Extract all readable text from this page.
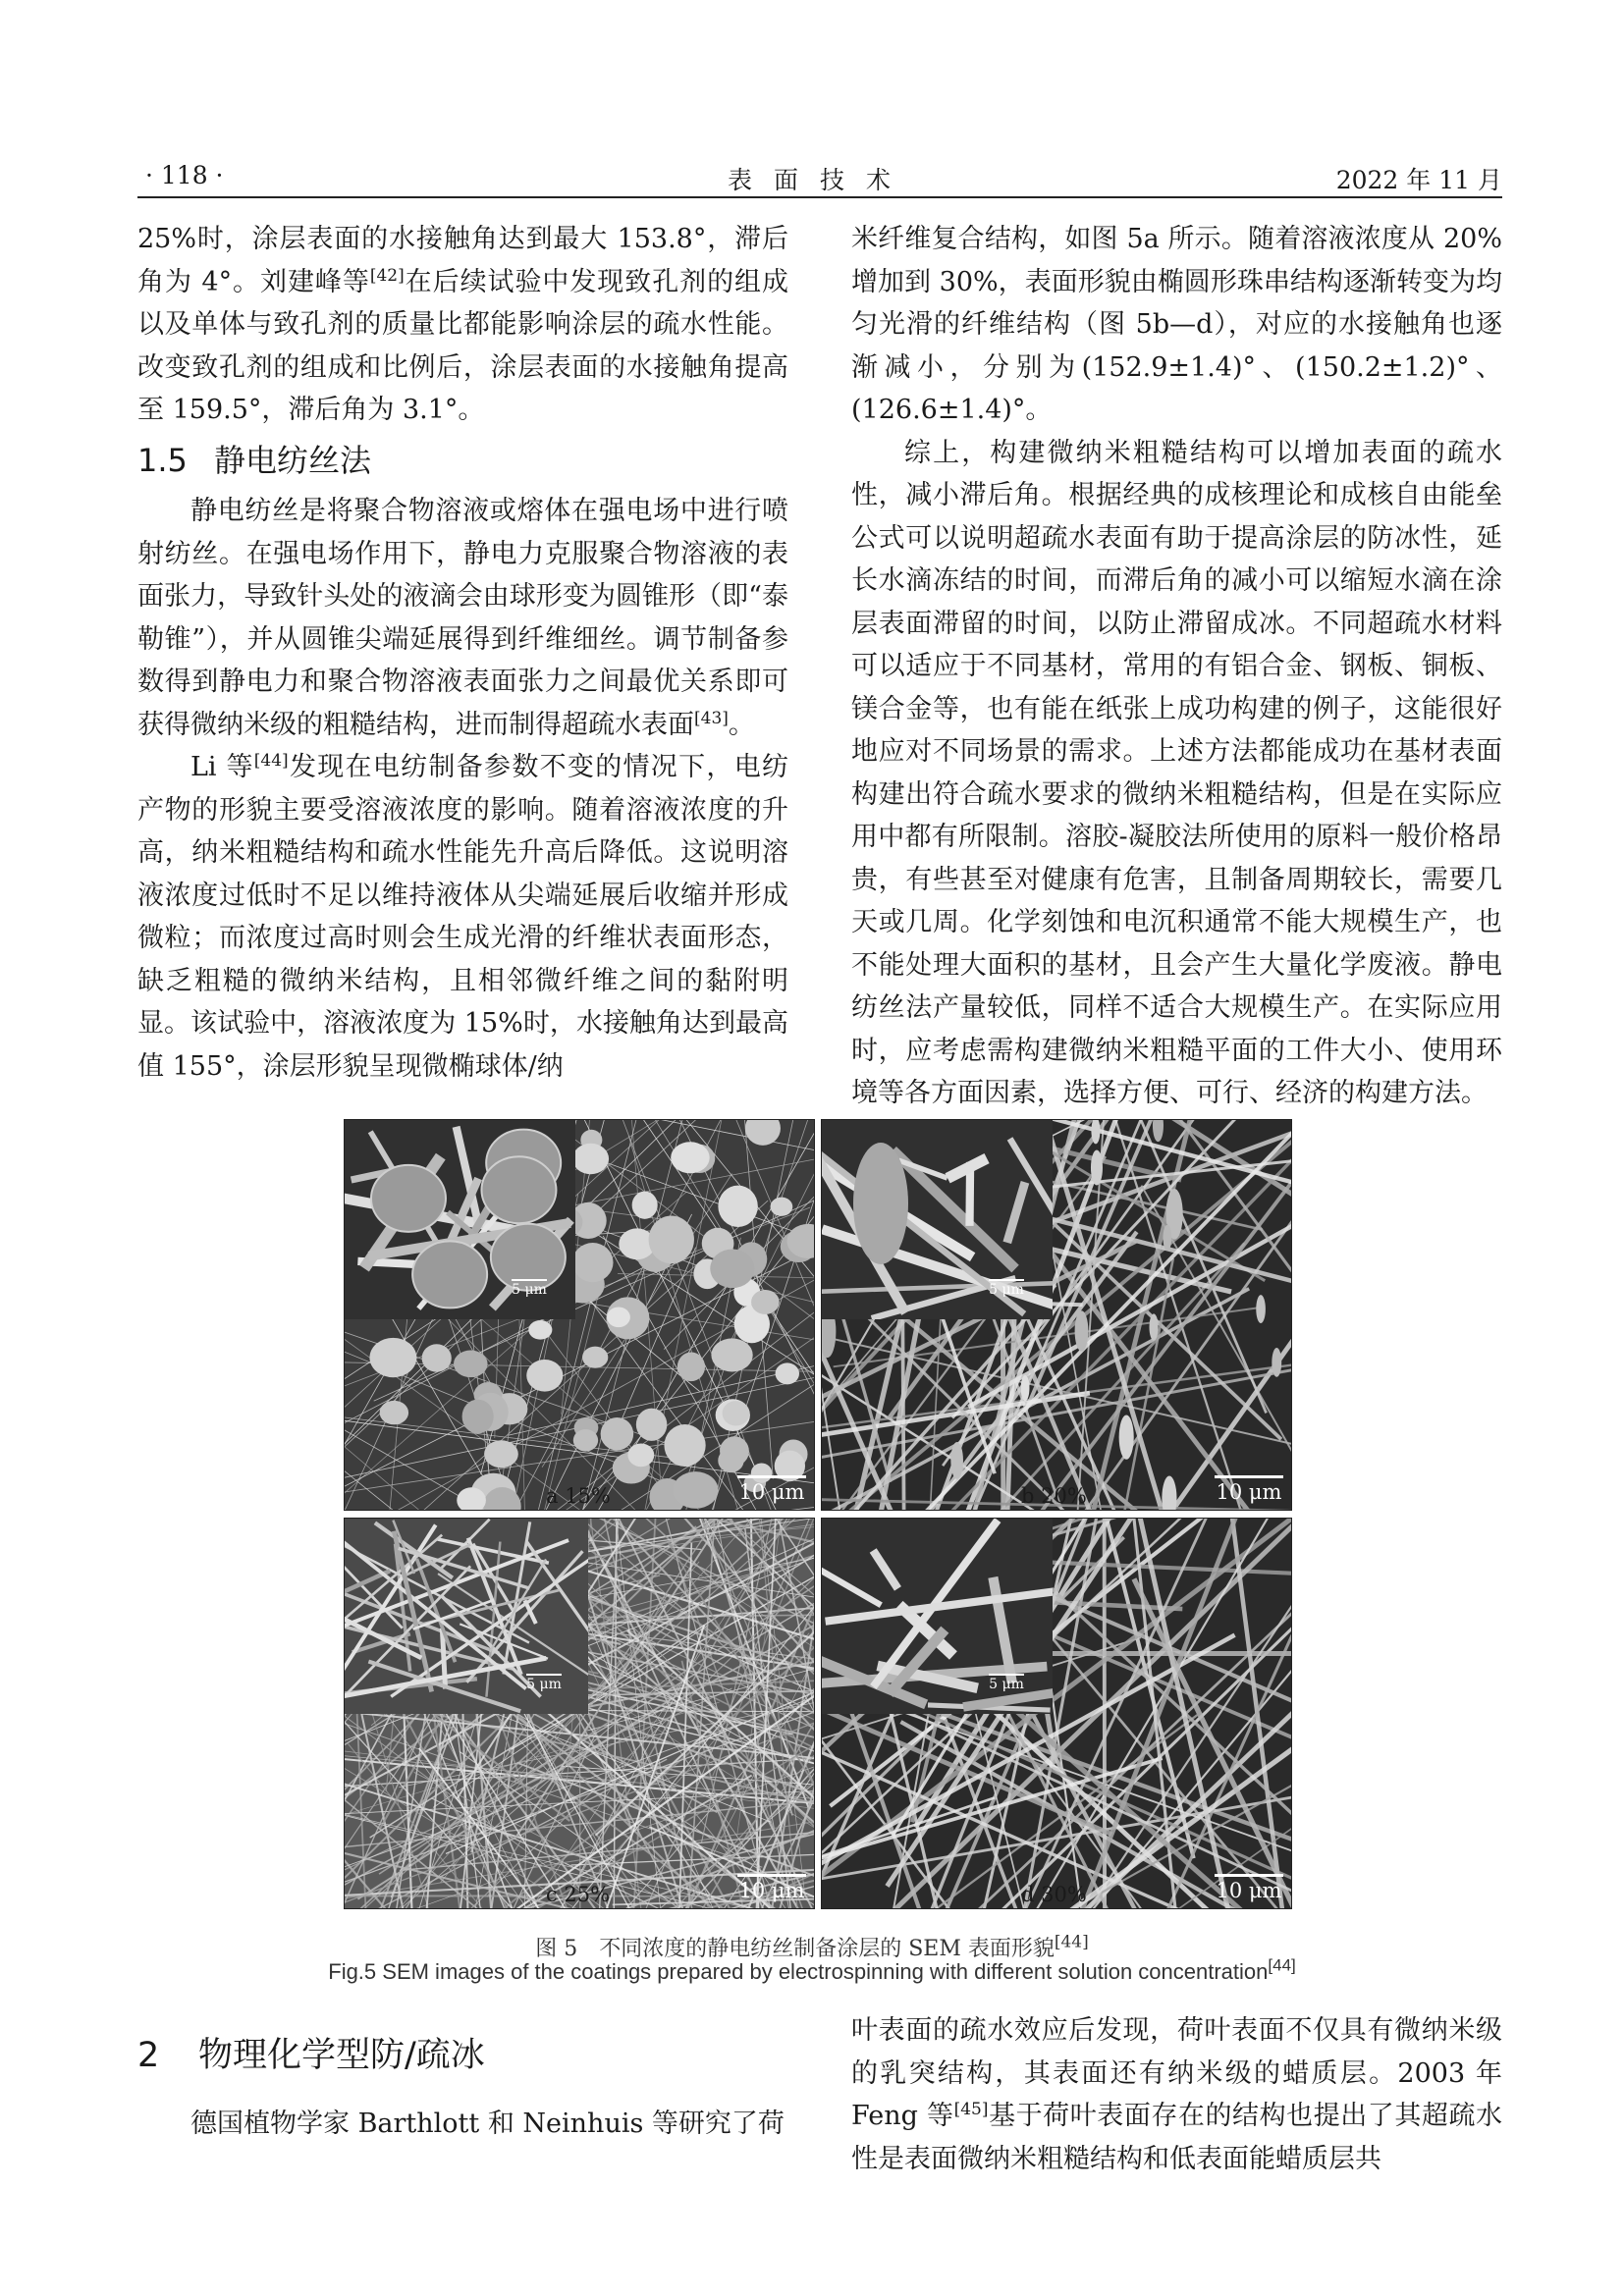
· 118 ·	表面技术	2022 年 11 月

25%时，涂层表面的水接触角达到最大 153.8°，滞后角为 4°。刘建峰等[42]在后续试验中发现致孔剂的组成以及单体与致孔剂的质量比都能影响涂层的疏水性能。改变致孔剂的组成和比例后，涂层表面的水接触角提高至 159.5°，滞后角为 3.1°。

1.5 静电纺丝法

静电纺丝是将聚合物溶液或熔体在强电场中进行喷射纺丝。在强电场作用下，静电力克服聚合物溶液的表面张力，导致针头处的液滴会由球形变为圆锥形（即“泰勒锥”），并从圆锥尖端延展得到纤维细丝。调节制备参数得到静电力和聚合物溶液表面张力之间最优关系即可获得微纳米级的粗糙结构，进而制得超疏水表面[43]。

Li 等[44]发现在电纺制备参数不变的情况下，电纺产物的形貌主要受溶液浓度的影响。随着溶液浓度的升高，纳米粗糙结构和疏水性能先升高后降低。这说明溶液浓度过低时不足以维持液体从尖端延展后收缩并形成微粒；而浓度过高时则会生成光滑的纤维状表面形态，缺乏粗糙的微纳米结构，且相邻微纤维之间的黏附明显。该试验中，溶液浓度为 15%时，水接触角达到最高值 155°，涂层形貌呈现微椭球体/纳

米纤维复合结构，如图 5a 所示。随着溶液浓度从 20%增加到 30%，表面形貌由椭圆形珠串结构逐渐转变为均匀光滑的纤维结构（图 5b—d），对应的水接触角也逐渐减小，分别为(152.9±1.4)°、(150.2±1.2)°、(126.6±1.4)°。

综上，构建微纳米粗糙结构可以增加表面的疏水性，减小滞后角。根据经典的成核理论和成核自由能垒公式可以说明超疏水表面有助于提高涂层的防冰性，延长水滴冻结的时间，而滞后角的减小可以缩短水滴在涂层表面滞留的时间，以防止滞留成冰。不同超疏水材料可以适应于不同基材，常用的有铝合金、钢板、铜板、镁合金等，也有能在纸张上成功构建的例子，这能很好地应对不同场景的需求。上述方法都能成功在基材表面构建出符合疏水要求的微纳米粗糙结构，但是在实际应用中都有所限制。溶胶-凝胶法所使用的原料一般价格昂贵，有些甚至对健康有危害，且制备周期较长，需要几天或几周。化学刻蚀和电沉积通常不能大规模生产，也不能处理大面积的基材，且会产生大量化学废液。静电纺丝法产量较低，同样不适合大规模生产。在实际应用时，应考虑需构建微纳米粗糙平面的工件大小、使用环境等各方面因素，选择方便、可行、经济的构建方法。

5 μm
10 μm
5 μm
10 μm
5 μm
10 μm
5 μm
10 μm
a 15%	b 20%
c 25%	d 30%
图 5　不同浓度的静电纺丝制备涂层的 SEM 表面形貌[44]
Fig.5 SEM images of the coatings prepared by electrospinning with different solution concentration[44]
2 物理化学型防/疏冰

德国植物学家 Barthlott 和 Neinhuis 等研究了荷

叶表面的疏水效应后发现，荷叶表面不仅具有微纳米级的乳突结构，其表面还有纳米级的蜡质层。2003 年 Feng 等[45]基于荷叶表面存在的结构也提出了其超疏水性是表面微纳米粗糙结构和低表面能蜡质层共
